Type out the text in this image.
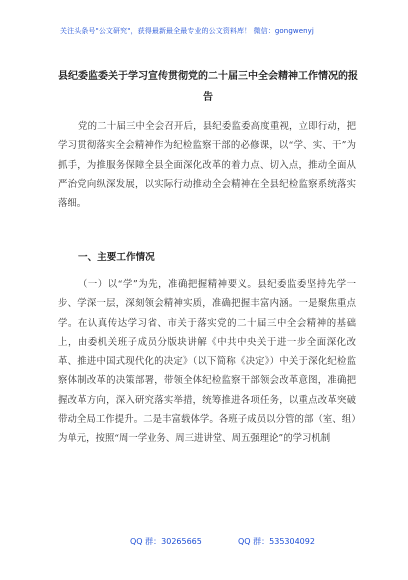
关注头条号"公文研究"，获得最新最全最专业的公文资料库！ 微信：gongwenyj
县纪委监委关于学习宣传贯彻党的二十届三中全会精神工作情况的报告
党的二十届三中全会召开后，县纪委监委高度重视，立即行动，把学习贯彻落实全会精神作为纪检监察干部的必修课，以“学、实、干”为抓手，为推服务保障全县全面深化改革的着力点、切入点，推动全面从严治党向纵深发展，以实际行动推动全会精神在全县纪检监察系统落实落细。
一、主要工作情况
（一）以“学”为先，准确把握精神要义。县纪委监委坚持先学一步、学深一层，深刻领会精神实质，准确把握丰富内涵。一是聚焦重点学。在认真传达学习省、市关于落实党的二十届三中全会精神的基础上，由委机关班子成员分版块讲解《中共中央关于进一步全面深化改革、推进中国式现代化的决定》（以下简称《决定》）中关于深化纪检监察体制改革的决策部署，带领全体纪检监察干部领会改革意图，准确把握改革方向，深入研究落实举措，统筹推进各项任务，以重点改革突破带动全局工作提升。二是丰富载体学。各班子成员以分管的部（室、组）为单元，按照“周一学业务、周三进讲堂、周五强理论”的学习机制
QQ 群：30265665	QQ 群：535304092
